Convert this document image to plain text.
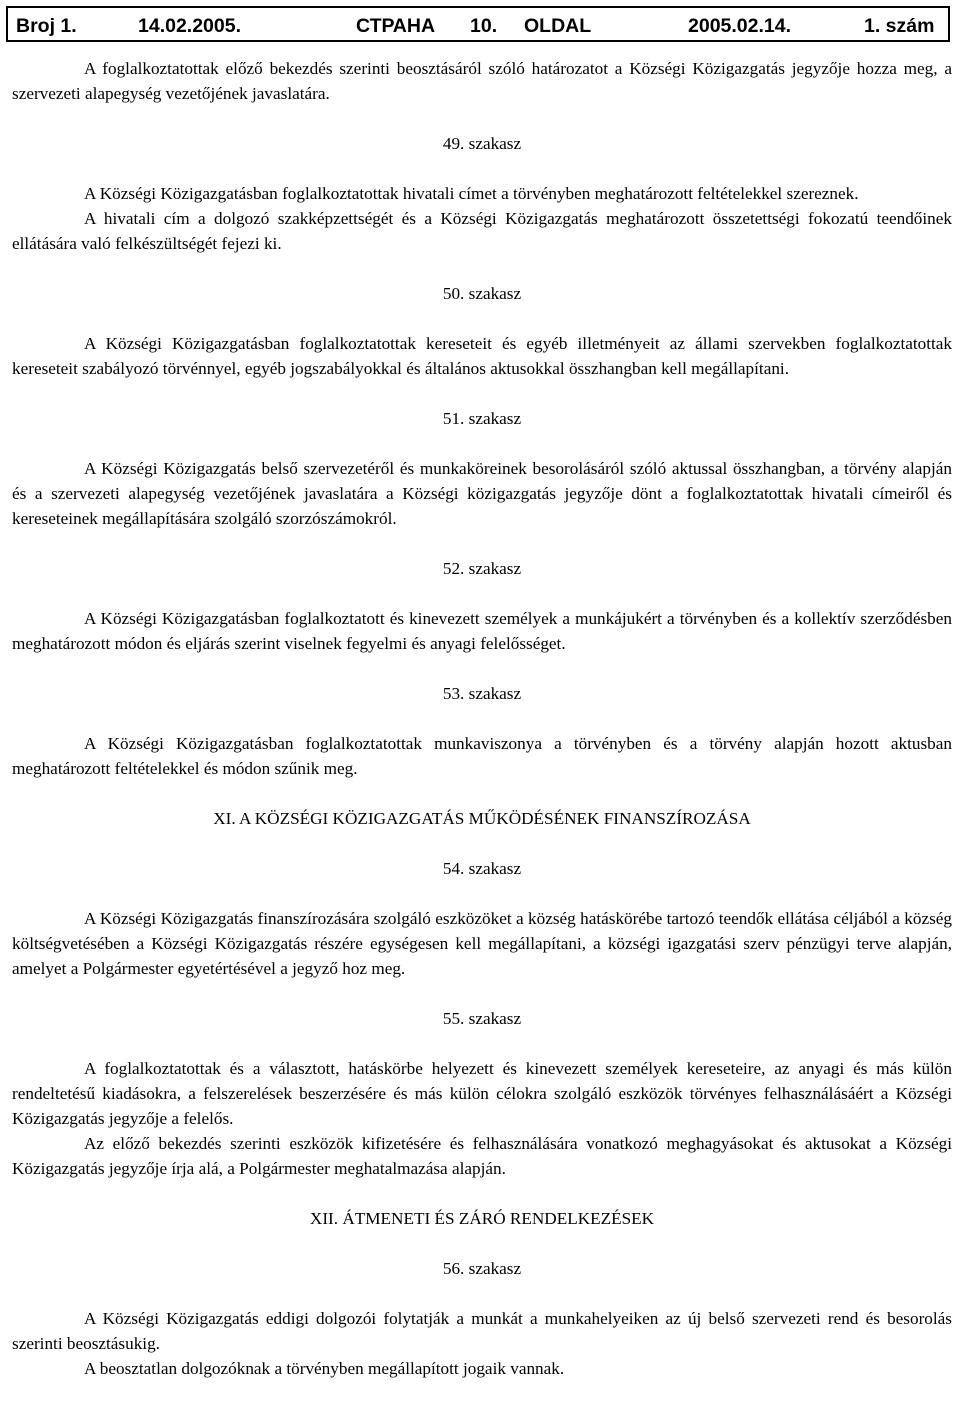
Broj 1.	14.02.2005.	СТРАНА 10. OLDAL	2005.02.14.	1. szám

A foglalkoztatottak előző bekezdés szerinti beosztásáról szóló határozatot a Községi Közigazgatás jegyzője hozza meg, a szervezeti alapegység vezetőjének javaslatára.

49. szakasz

A Községi Közigazgatásban foglalkoztatottak hivatali címet a törvényben meghatározott feltételekkel szereznek.

A hivatali cím a dolgozó szakképzettségét és a Községi Közigazgatás meghatározott összetettségi fokozatú teendőinek ellátására való felkészültségét fejezi ki.

50. szakasz

A Községi Közigazgatásban foglalkoztatottak kereseteit és egyéb illetményeit az állami szervekben foglalkoztatottak kereseteit szabályozó törvénnyel, egyéb jogszabályokkal és általános aktusokkal összhangban kell megállapítani.

51. szakasz

A Községi Közigazgatás belső szervezetéről és munkaköreinek besorolásáról szóló aktussal összhangban, a törvény alapján és a szervezeti alapegység vezetőjének javaslatára a Községi közigazgatás jegyzője dönt a foglalkoztatottak hivatali címeiről és kereseteinek megállapítására szolgáló szorzószámokról.

52. szakasz

A Községi Közigazgatásban foglalkoztatott és kinevezett személyek a munkájukért a törvényben és a kollektív szerződésben meghatározott módon és eljárás szerint viselnek fegyelmi és anyagi felelősséget.

53. szakasz

A Községi Közigazgatásban foglalkoztatottak munkaviszonya a törvényben és a törvény alapján hozott aktusban meghatározott feltételekkel és módon szűnik meg.

XI. A KÖZSÉGI KÖZIGAZGATÁS MŰKÖDÉSÉNEK FINANSZÍROZÁSA

54. szakasz

A Községi Közigazgatás finanszírozására szolgáló eszközöket a község hatáskörébe tartozó teendők ellátása céljából a község költségvetésében a Községi Közigazgatás részére egységesen kell megállapítani, a községi igazgatási szerv pénzügyi terve alapján, amelyet a Polgármester egyetértésével a jegyző hoz meg.

55. szakasz

A foglalkoztatottak és a választott, hatáskörbe helyezett és kinevezett személyek kereseteire, az anyagi és más külön rendeltetésű kiadásokra, a felszerelések beszerzésére és más külön célokra szolgáló eszközök törvényes felhasználásáért a Községi Közigazgatás jegyzője a felelős.

Az előző bekezdés szerinti eszközök kifizetésére és felhasználására vonatkozó meghagyásokat és aktusokat a Községi Közigazgatás jegyzője írja alá, a Polgármester meghatalmazása alapján.

XII. ÁTMENETI ÉS ZÁRÓ RENDELKEZÉSEK

56. szakasz

A Községi Közigazgatás eddigi dolgozói folytatják a munkát a munkahelyeiken az új belső szervezeti rend és besorolás szerinti beosztásukig.

A beosztatlan dolgozóknak a törvényben megállapított jogaik vannak.
